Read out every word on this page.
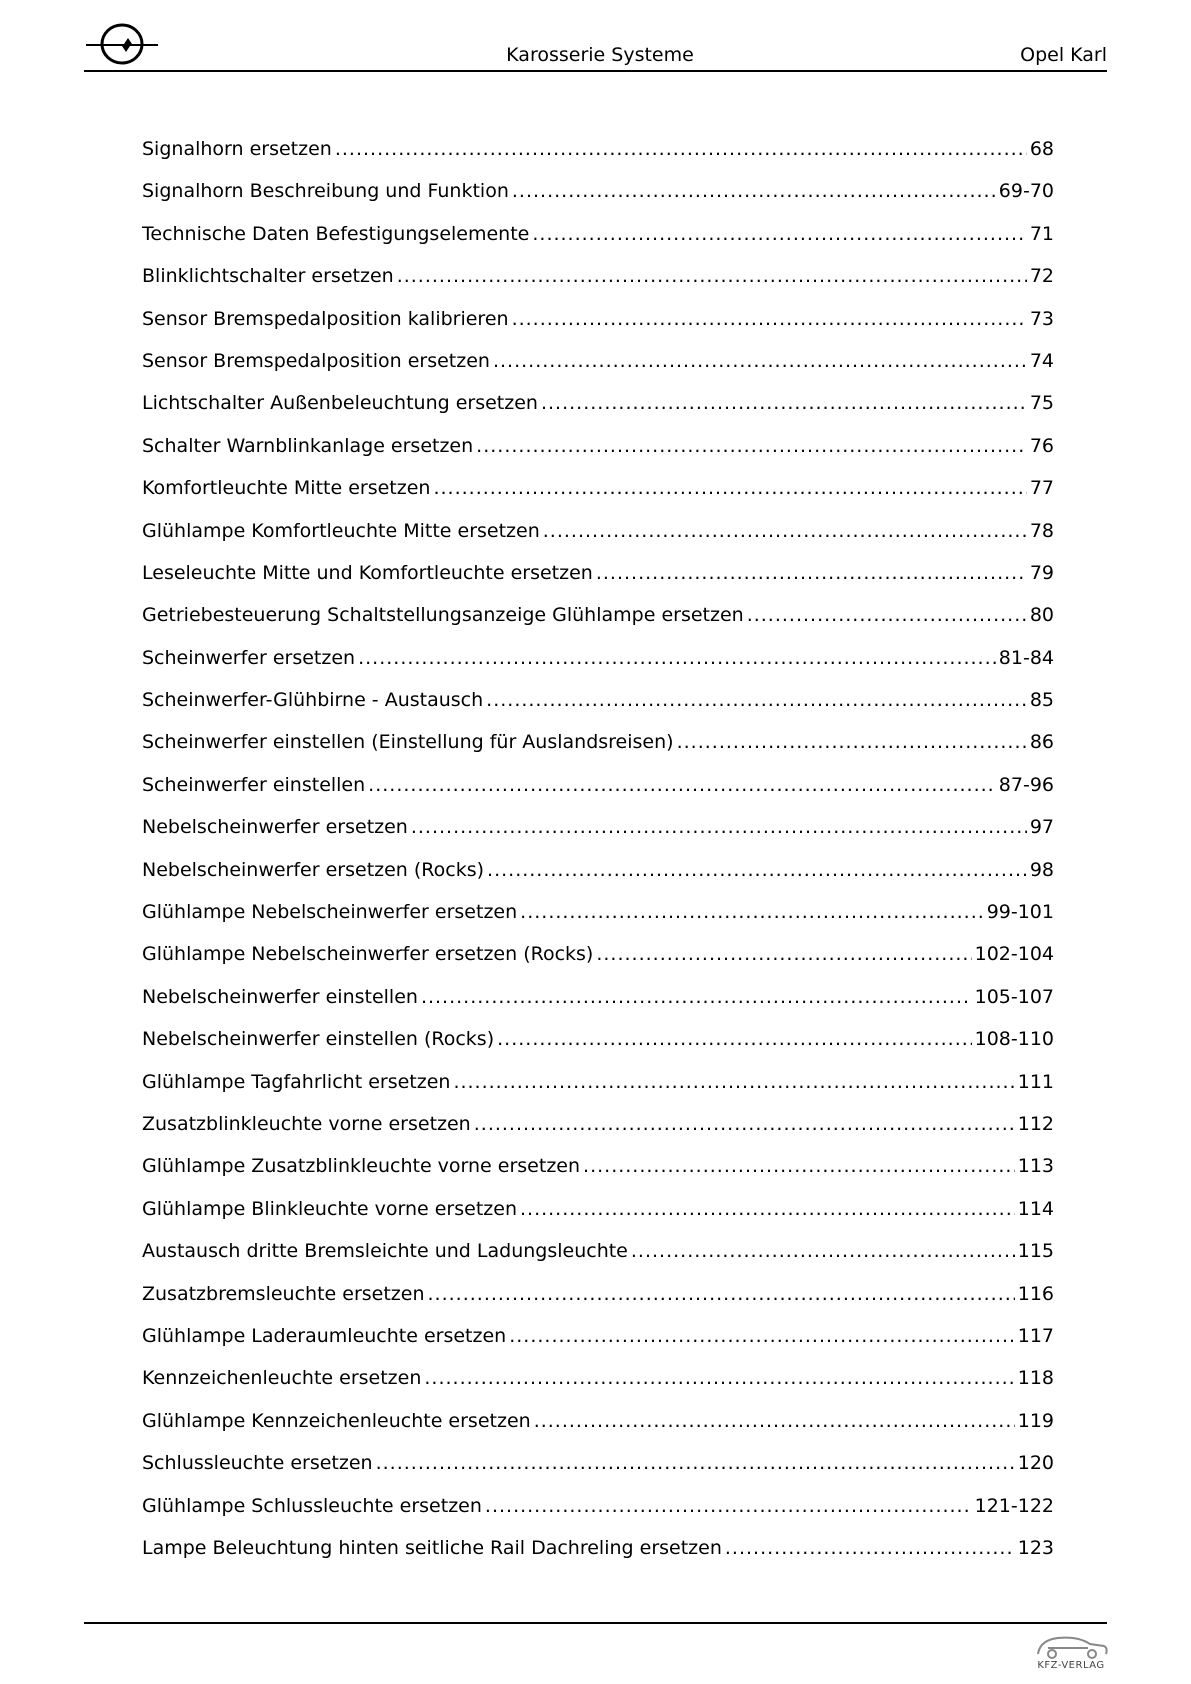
Karosserie Systeme	Opel Karl
Signalhorn ersetzen .....	68
Signalhorn Beschreibung und Funktion .....	69-70
Technische Daten Befestigungselemente .....	71
Blinklichtschalter ersetzen .....	72
Sensor Bremspedalposition kalibrieren .....	73
Sensor Bremspedalposition ersetzen .....	74
Lichtschalter Außenbeleuchtung ersetzen .....	75
Schalter Warnblinkanlage ersetzen .....	76
Komfortleuchte Mitte ersetzen .....	77
Glühlampe Komfortleuchte Mitte ersetzen .....	78
Leseleuchte Mitte und Komfortleuchte ersetzen .....	79
Getriebesteuerung Schaltstellungsanzeige Glühlampe ersetzen .....	80
Scheinwerfer ersetzen .....	81-84
Scheinwerfer-Glühbirne - Austausch .....	85
Scheinwerfer einstellen (Einstellung für Auslandsreisen) .....	86
Scheinwerfer einstellen .....	87-96
Nebelscheinwerfer ersetzen .....	97
Nebelscheinwerfer ersetzen (Rocks) .....	98
Glühlampe Nebelscheinwerfer ersetzen .....	99-101
Glühlampe Nebelscheinwerfer ersetzen (Rocks) .....	102-104
Nebelscheinwerfer einstellen .....	105-107
Nebelscheinwerfer einstellen (Rocks) .....	108-110
Glühlampe Tagfahrlicht ersetzen .....	111
Zusatzblinkleuchte vorne ersetzen .....	112
Glühlampe Zusatzblinkleuchte vorne ersetzen .....	113
Glühlampe Blinkleuchte vorne ersetzen .....	114
Austausch dritte Bremsleichte und Ladungsleuchte .....	115
Zusatzbremsleuchte ersetzen .....	116
Glühlampe Laderaumleuchte ersetzen .....	117
Kennzeichenleuchte ersetzen .....	118
Glühlampe Kennzeichenleuchte ersetzen .....	119
Schlussleuchte ersetzen .....	120
Glühlampe Schlussleuchte ersetzen .....	121-122
Lampe Beleuchtung hinten seitliche Rail Dachreling ersetzen .....	123
KFZ-VERLAG
